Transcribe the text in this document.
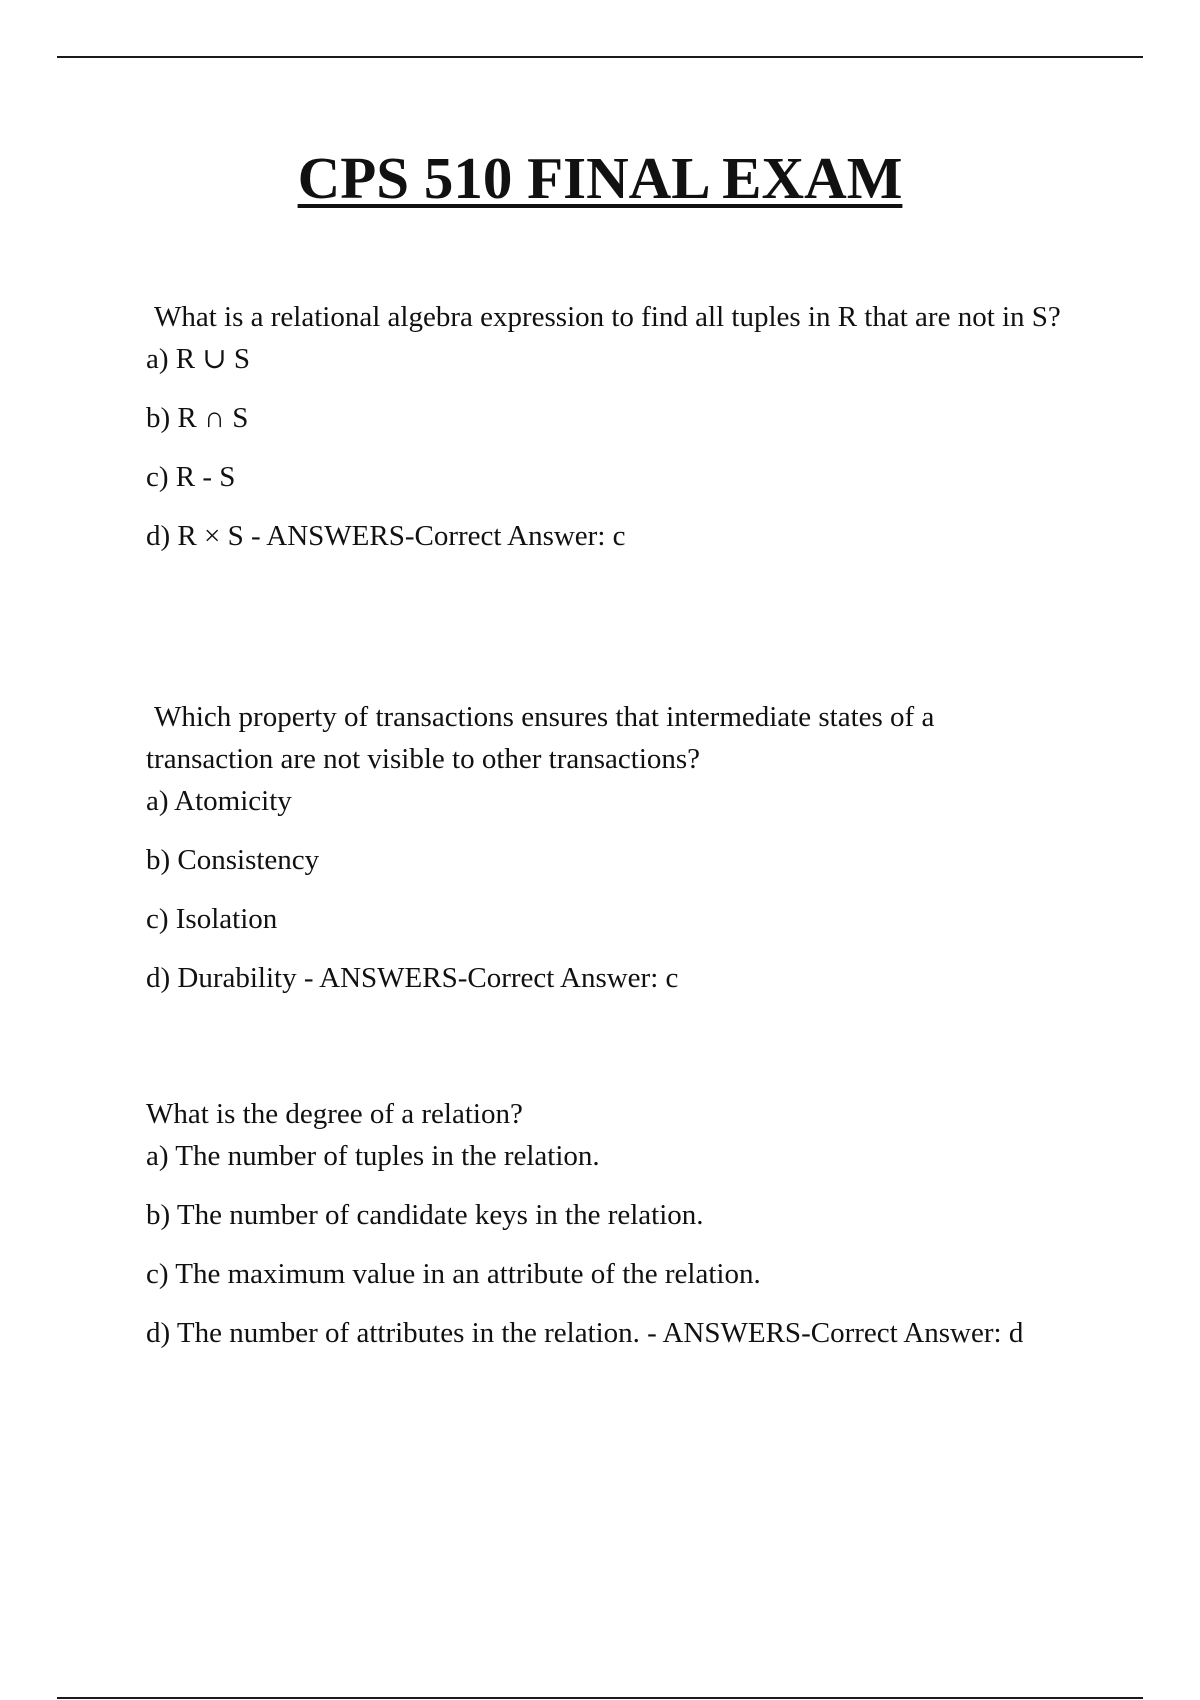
CPS 510 FINAL EXAM

What is a relational algebra expression to find all tuples in R that are not in S?

a) R ∪ S

b) R ∩ S

c) R - S

d) R × S - ANSWERS-Correct Answer: c

Which property of transactions ensures that intermediate states of a transaction are not visible to other transactions?

a) Atomicity

b) Consistency

c) Isolation

d) Durability - ANSWERS-Correct Answer: c

What is the degree of a relation?

a) The number of tuples in the relation.

b) The number of candidate keys in the relation.

c) The maximum value in an attribute of the relation.

d) The number of attributes in the relation. - ANSWERS-Correct Answer: d
